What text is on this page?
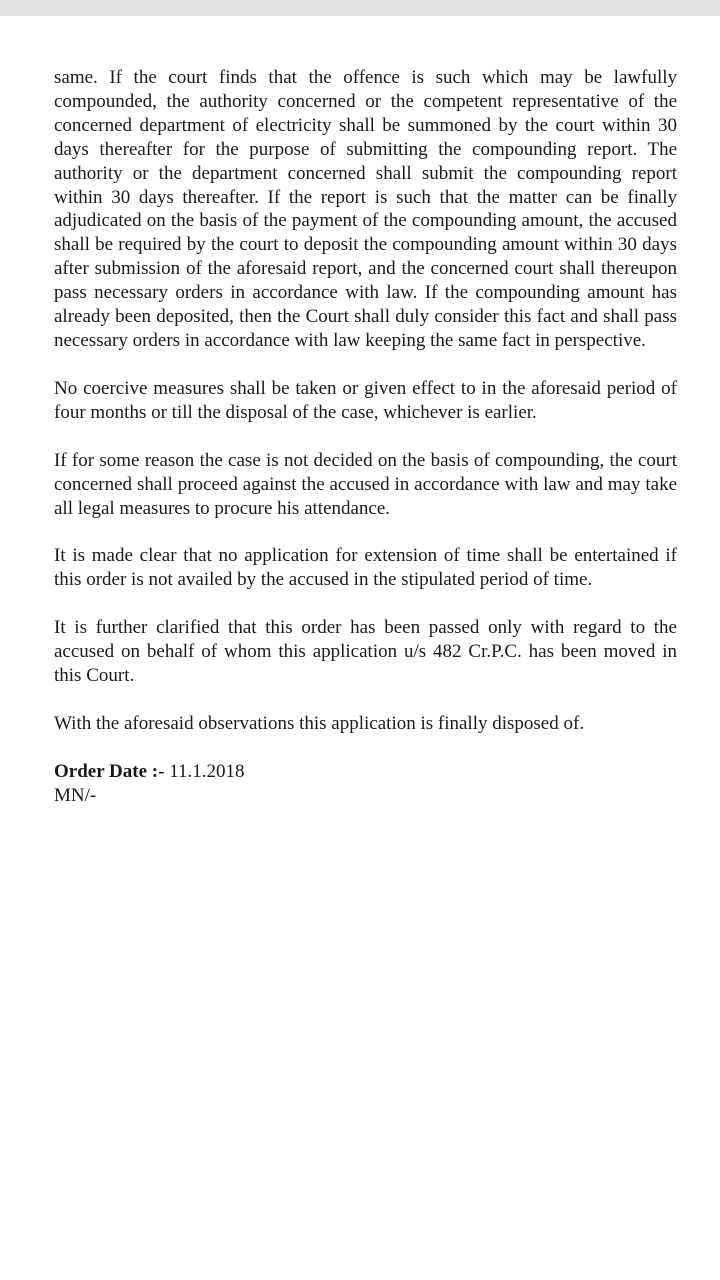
same. If the court finds that the offence is such which may be lawfully compounded, the authority concerned or the competent representative of the concerned department of electricity shall be summoned by the court within 30 days thereafter for the purpose of submitting the compounding report. The authority or the department concerned shall submit the compounding report within 30 days thereafter. If the report is such that the matter can be finally adjudicated on the basis of the payment of the compounding amount, the accused shall be required by the court to deposit the compounding amount within 30 days after submission of the aforesaid report, and the concerned court shall thereupon pass necessary orders in accordance with law. If the compounding amount has already been deposited, then the Court shall duly consider this fact and shall pass necessary orders in accordance with law keeping the same fact in perspective.

No coercive measures shall be taken or given effect to in the aforesaid period of four months or till the disposal of the case, whichever is earlier.

If for some reason the case is not decided on the basis of compounding, the court concerned shall proceed against the accused in accordance with law and may take all legal measures to procure his attendance.

It is made clear that no application for extension of time shall be entertained if this order is not availed by the accused in the stipulated period of time.

It is further clarified that this order has been passed only with regard to the accused on behalf of whom this application u/s 482 Cr.P.C. has been moved in this Court.

With the aforesaid observations this application is finally disposed of.

Order Date :- 11.1.2018

MN/-
